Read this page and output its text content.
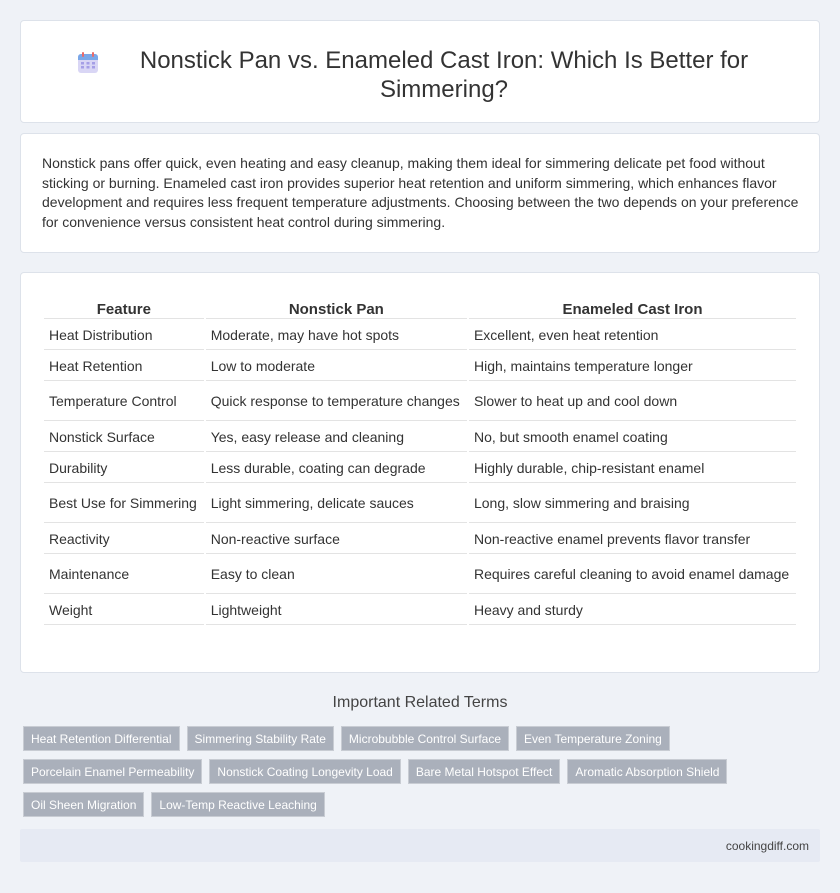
Nonstick Pan vs. Enameled Cast Iron: Which Is Better for Simmering?

Nonstick pans offer quick, even heating and easy cleanup, making them ideal for simmering delicate pet food without sticking or burning. Enameled cast iron provides superior heat retention and uniform simmering, which enhances flavor development and requires less frequent temperature adjustments. Choosing between the two depends on your preference for convenience versus consistent heat control during simmering.

Feature	Nonstick Pan	Enameled Cast Iron
Heat Distribution	Moderate, may have hot spots	Excellent, even heat retention
Heat Retention	Low to moderate	High, maintains temperature longer
Temperature Control	Quick response to temperature changes	Slower to heat up and cool down
Nonstick Surface	Yes, easy release and cleaning	No, but smooth enamel coating
Durability	Less durable, coating can degrade	Highly durable, chip-resistant enamel
Best Use for Simmering	Light simmering, delicate sauces	Long, slow simmering and braising
Reactivity	Non-reactive surface	Non-reactive enamel prevents flavor transfer
Maintenance	Easy to clean	Requires careful cleaning to avoid enamel damage
Weight	Lightweight	Heavy and sturdy
Important Related Terms
Heat Retention Differential	Simmering Stability Rate	Microbubble Control Surface	Even Temperature Zoning
Porcelain Enamel Permeability	Nonstick Coating Longevity Load	Bare Metal Hotspot Effect	Aromatic Absorption Shield
Oil Sheen Migration	Low-Temp Reactive Leaching
cookingdiff.com
